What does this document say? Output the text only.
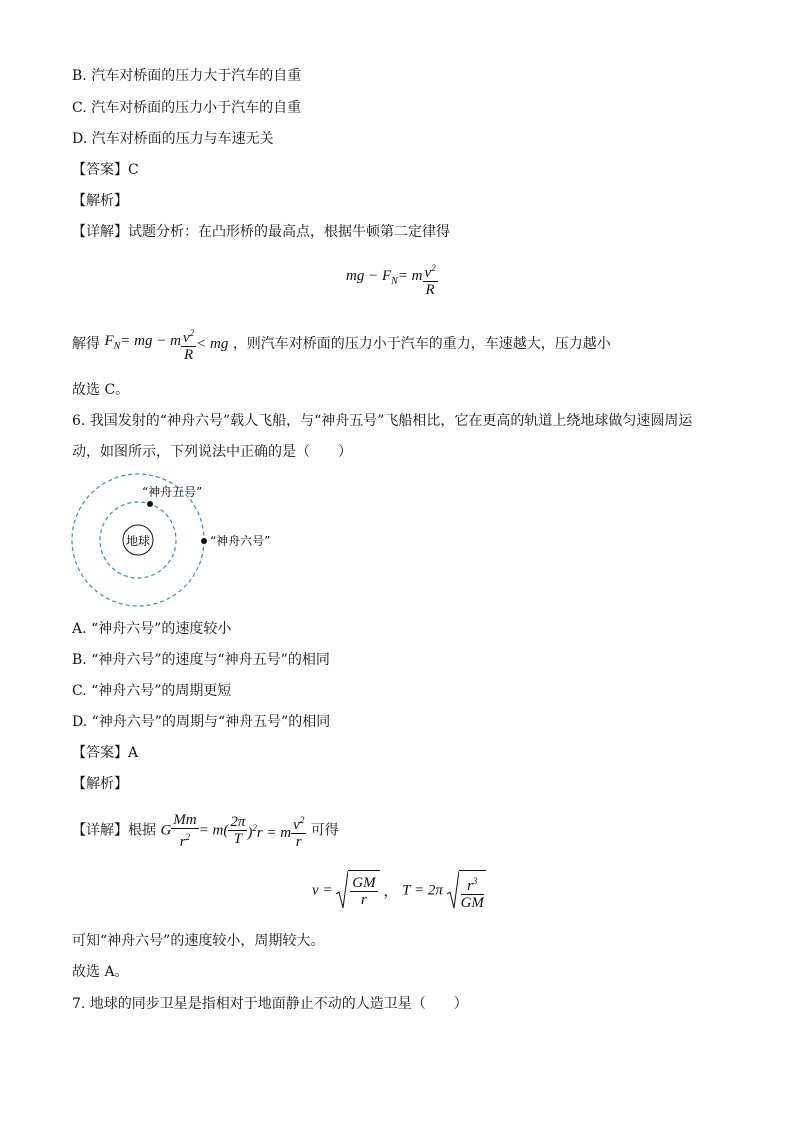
B. 汽车对桥面的压力大于汽车的自重
C. 汽车对桥面的压力小于汽车的自重
D. 汽车对桥面的压力与车速无关
【答案】C
【解析】
【详解】试题分析：在凸形桥的最高点，根据牛顿第二定律得
mg − $F_N= m \frac{v^2}{R}$
解得 $F_N=$ mg − m $\frac{v^2}{R}$ < mg ，则汽车对桥面的压力小于汽车的重力，车速越大，压力越小
故选 C。
6. 我国发射的“神舟六号”载人飞船，与“神舟五号”飞船相比，它在更高的轨道上绕地球做匀速圆周运
动，如图所示，下列说法中正确的是（　　）
地球
“神舟五号”
“神舟六号”
A. “神舟六号”的速度较小
B. “神舟六号”的速度与“神舟五号”的相同
C. “神舟六号”的周期更短
D. “神舟六号”的周期与“神舟五号”的相同
【答案】A
【解析】
【详解】根据 G $\frac{Mm}{r^2} = m( \frac{2\pi}{T} )^2r = m \frac{v^2}{r}$ 可得
$v = \frac{GM}{r}$ ， $T = 2\pi \frac{r^3}{GM}$
可知“神舟六号”的速度较小，周期较大。
故选 A。
7. 地球的同步卫星是指相对于地面静止不动的人造卫星（　　）
